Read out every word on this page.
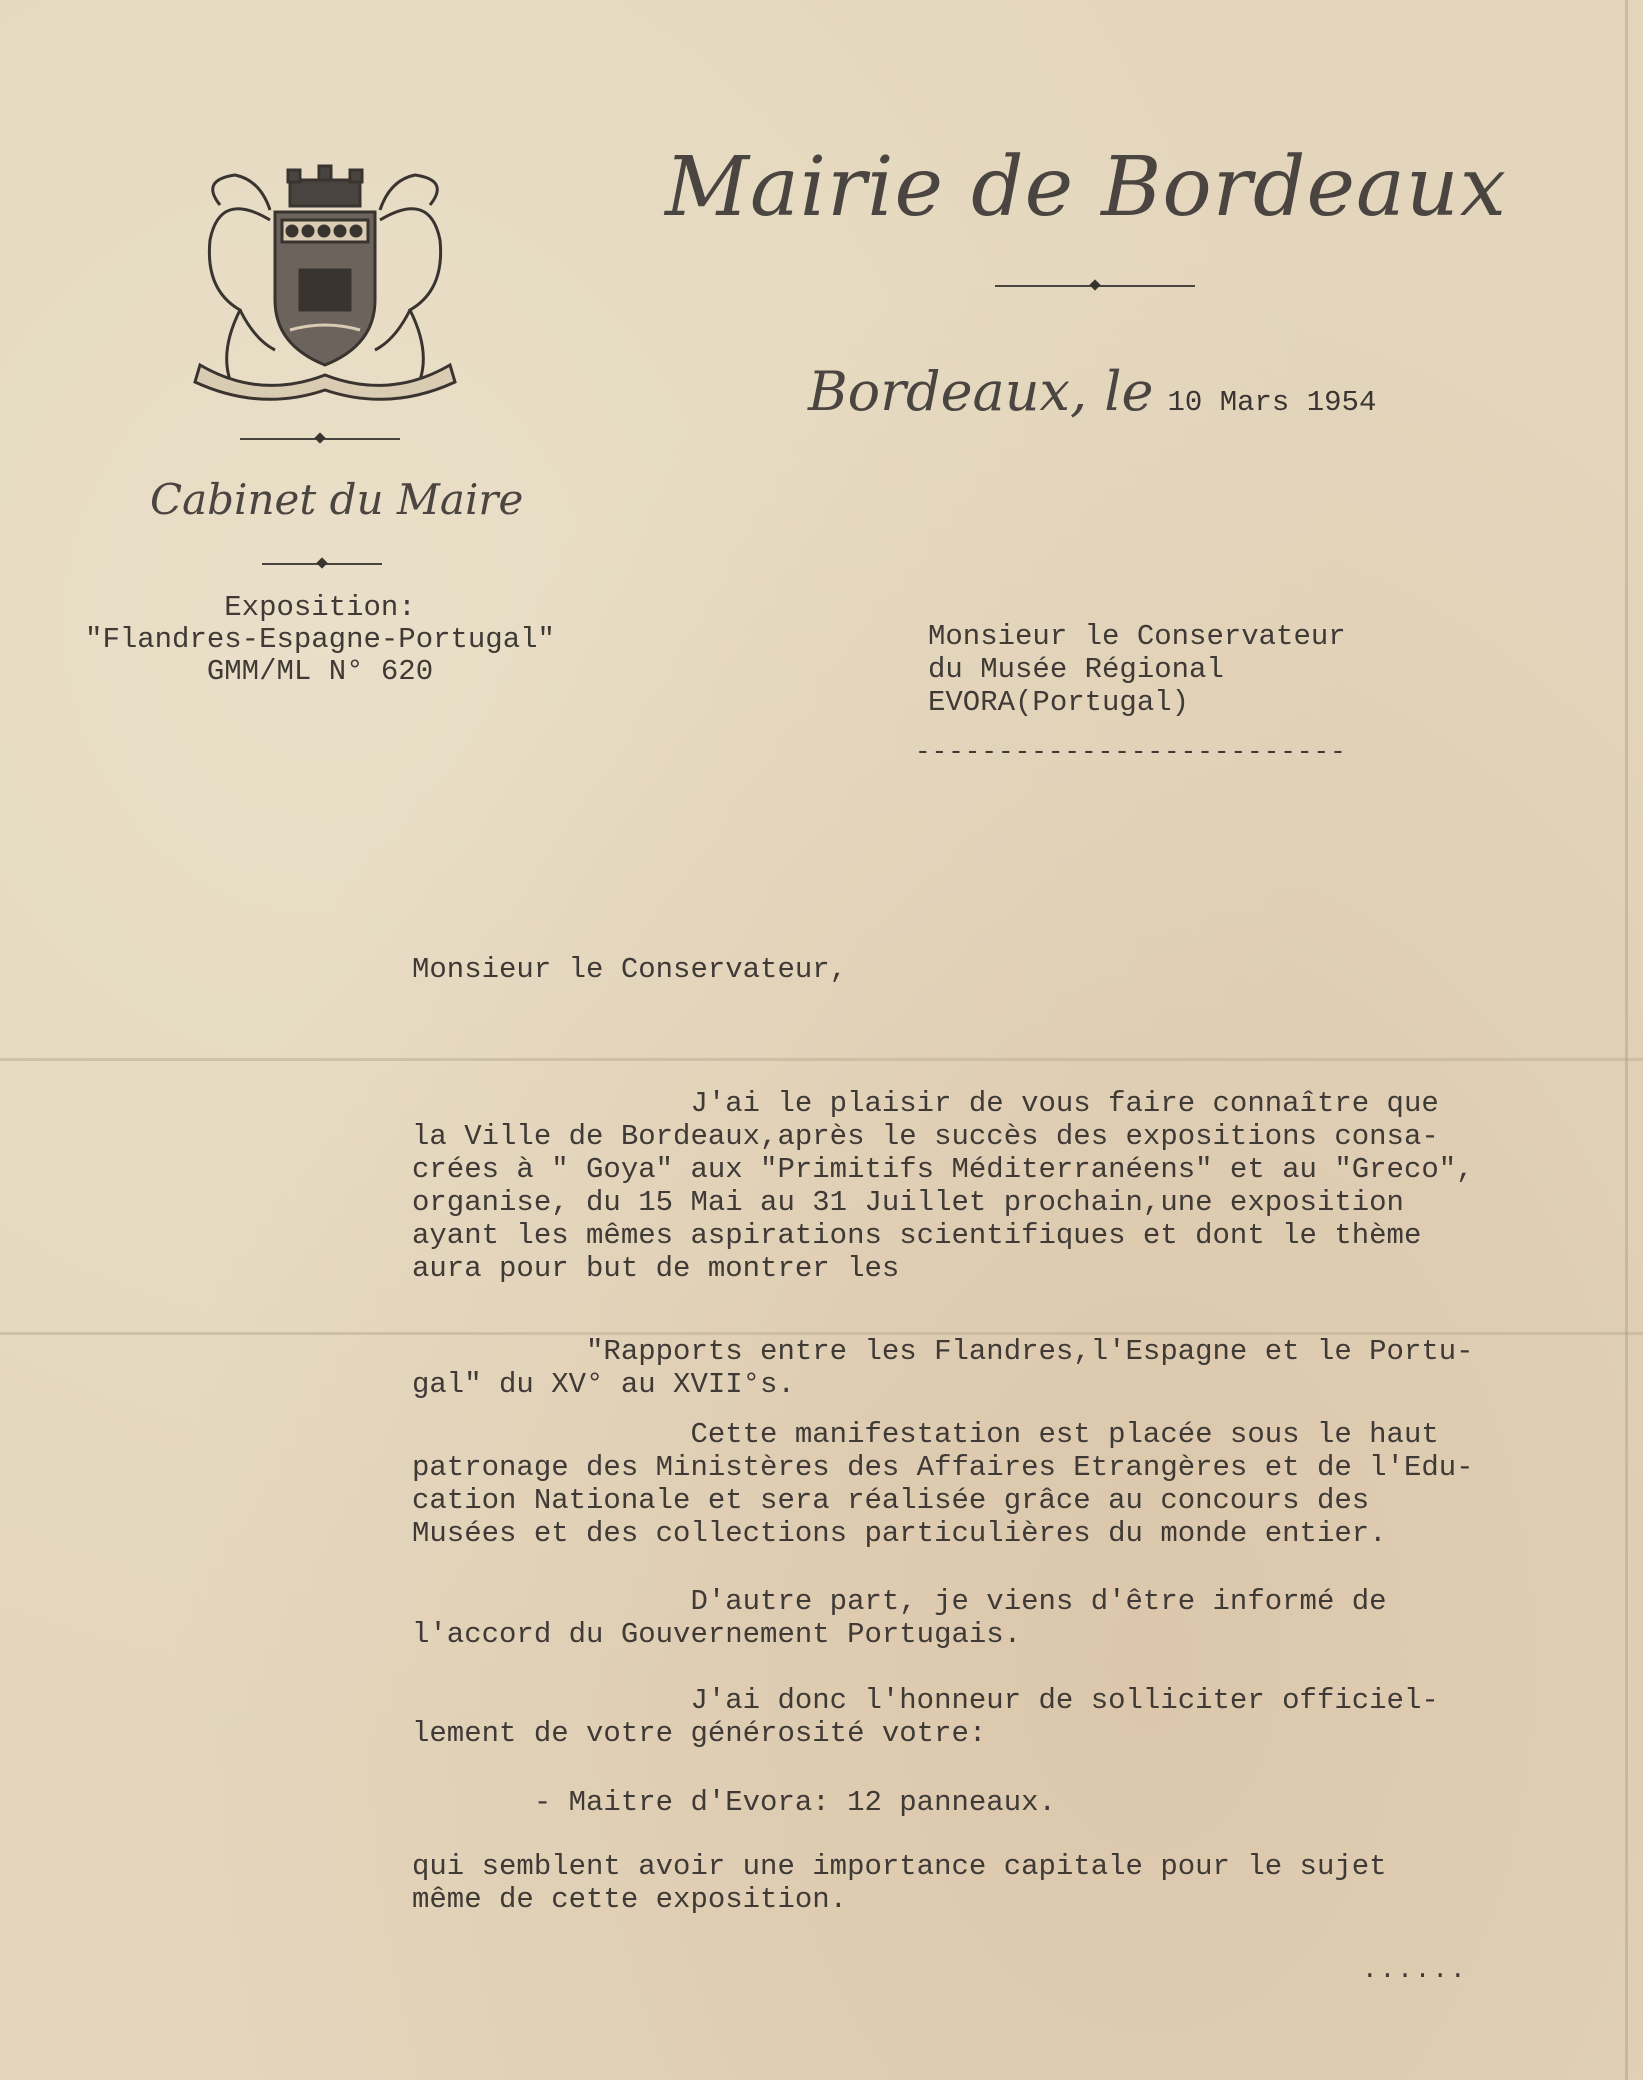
Cabinet du Maire
Mairie de Bordeaux
Bordeaux, le 10 Mars 1954
Exposition:
"Flandres-Espagne-Portugal"
GMM/ML N° 620
Monsieur le Conservateur
du Musée Régional
EVORA(Portugal)
--------------------------
Monsieur le Conservateur,
J'ai le plaisir de vous faire connaître que
la Ville de Bordeaux,après le succès des expositions consa-
crées à " Goya" aux "Primitifs Méditerranéens" et au "Greco",
organise, du 15 Mai au 31 Juillet prochain,une exposition
ayant les mêmes aspirations scientifiques et dont le thème
aura pour but de montrer les
"Rapports entre les Flandres,l'Espagne et le Portu-
gal" du XV° au XVII°s.
Cette manifestation est placée sous le haut
patronage des Ministères des Affaires Etrangères et de l'Edu-
cation Nationale et sera réalisée grâce au concours des
Musées et des collections particulières du monde entier.
D'autre part, je viens d'être informé de
l'accord du Gouvernement Portugais.
J'ai donc l'honneur de solliciter officiel-
lement de votre générosité votre:
- Maitre d'Evora: 12 panneaux.
qui semblent avoir une importance capitale pour le sujet
même de cette exposition.
......
